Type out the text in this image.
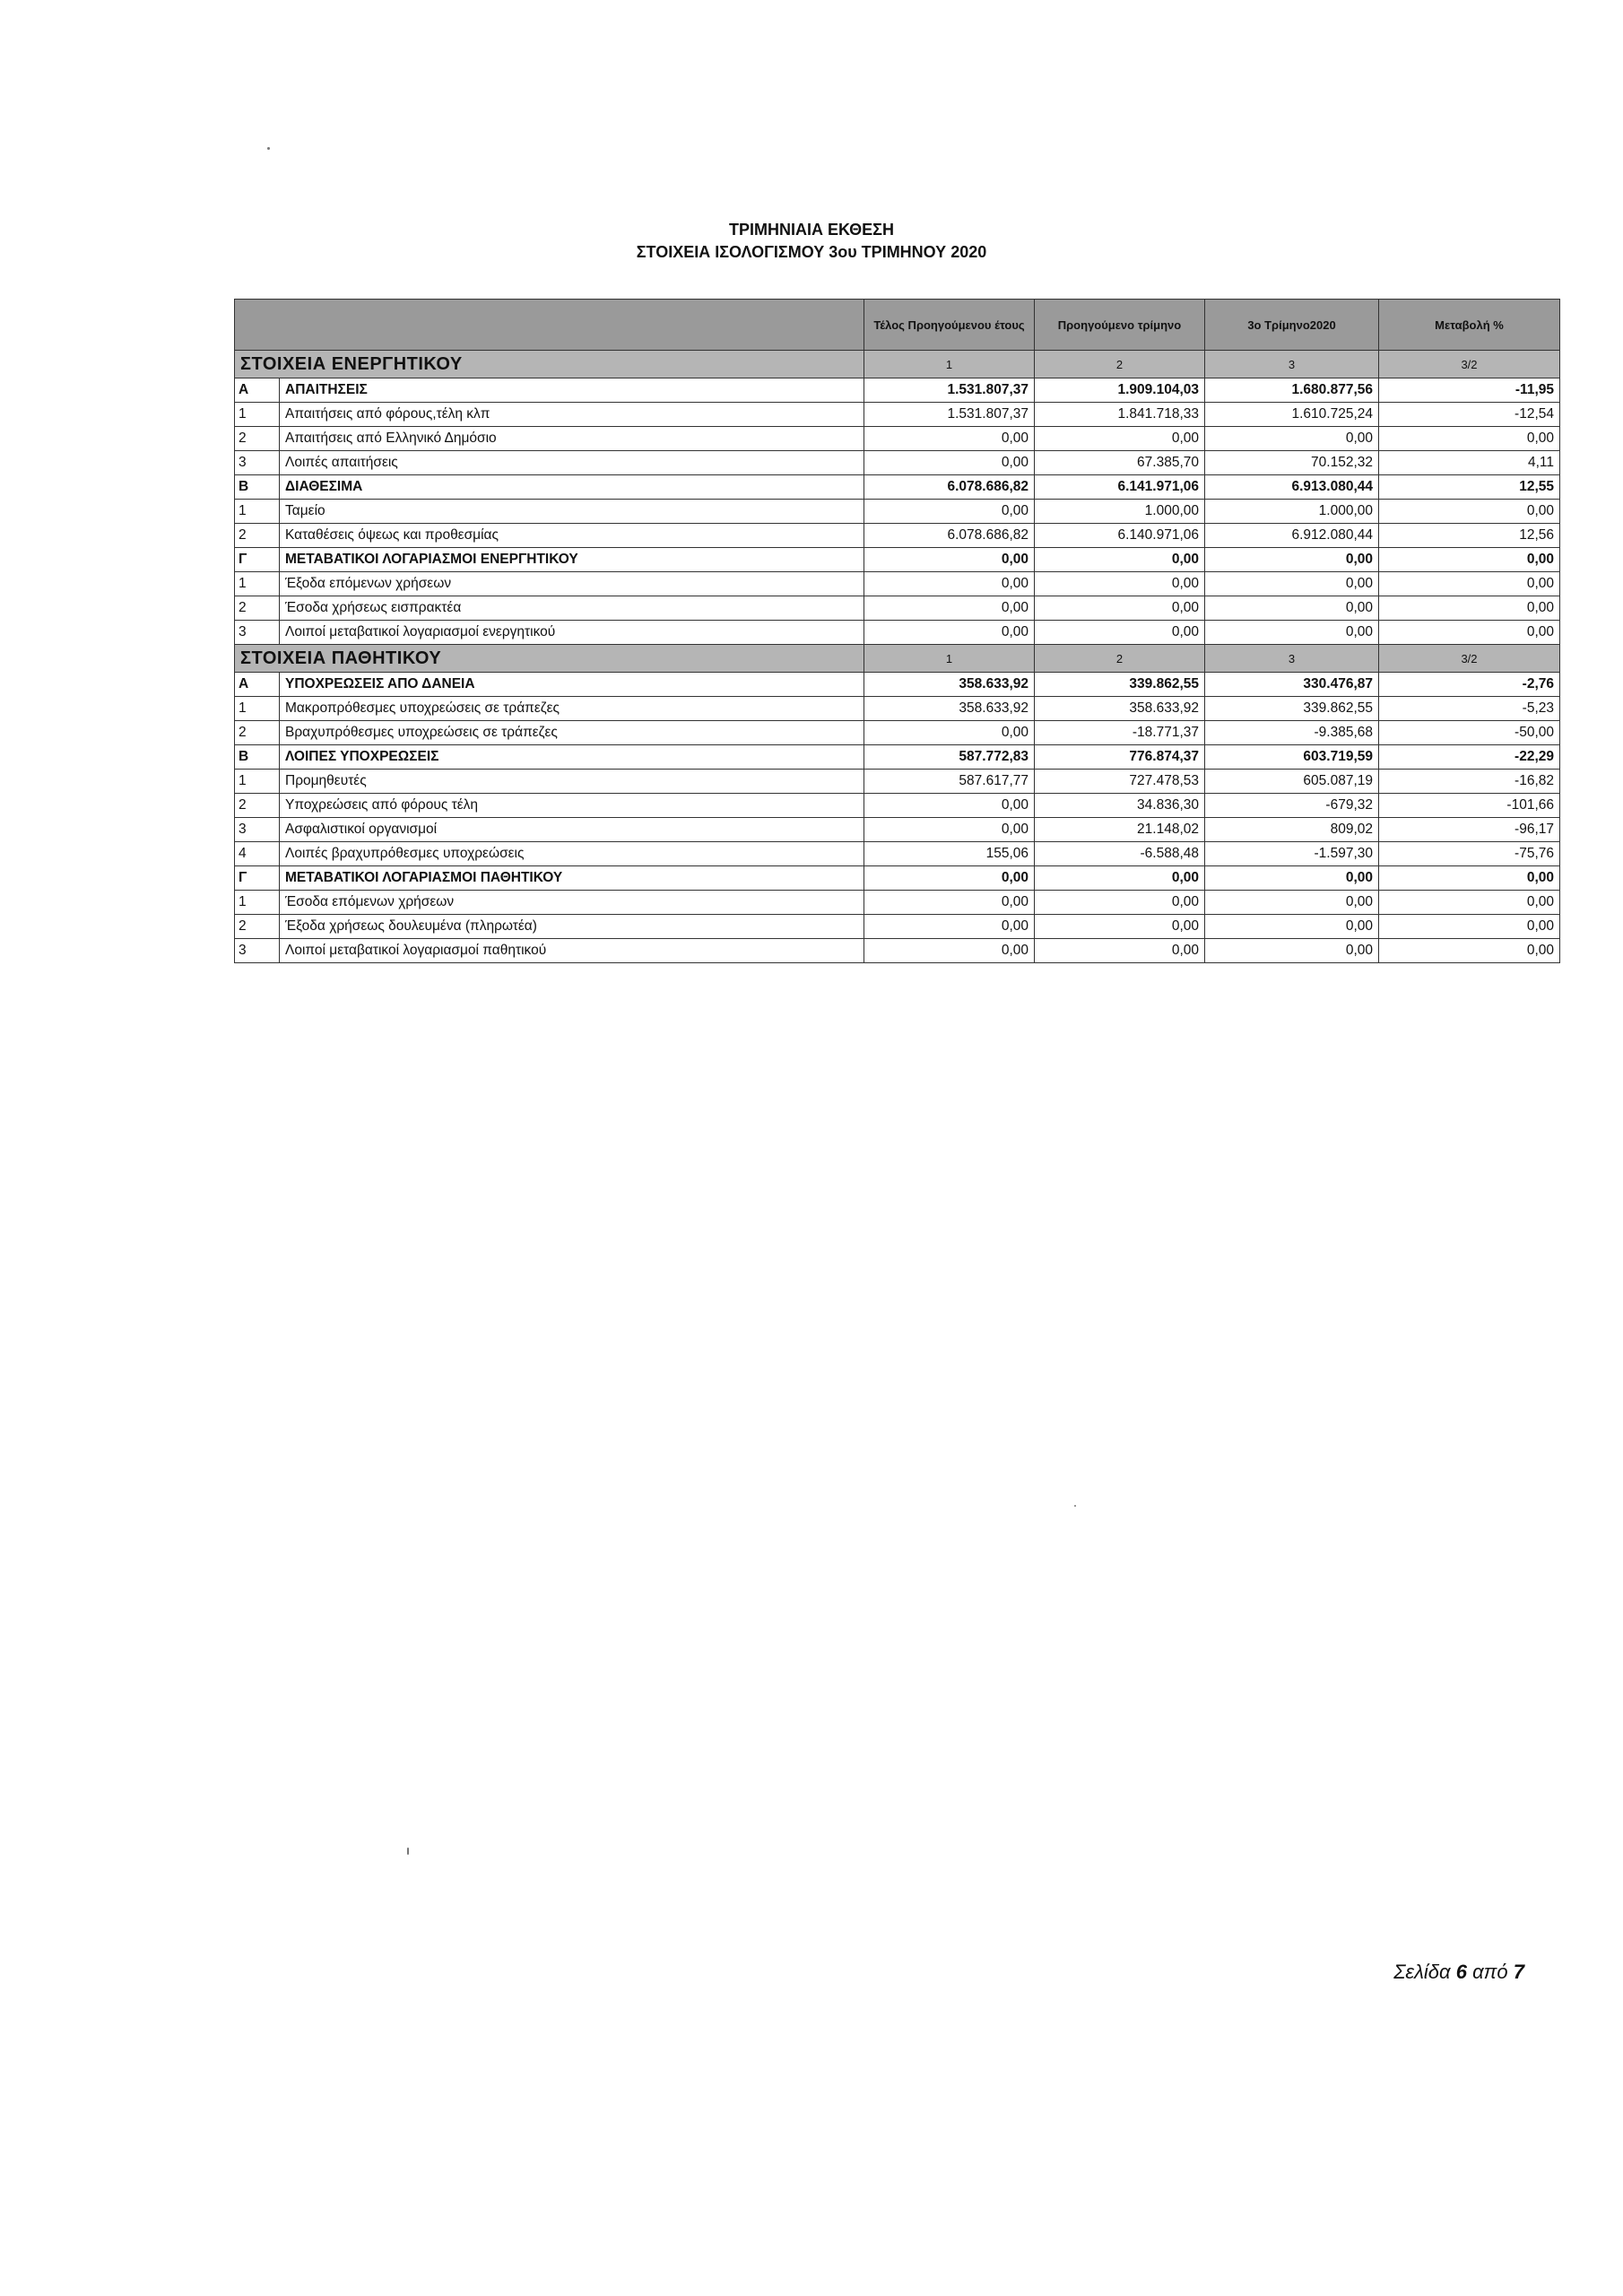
ΤΡΙΜΗΝΙΑΙΑ ΕΚΘΕΣΗ
ΣΤΟΙΧΕΙΑ ΙΣΟΛΟΓΙΣΜΟΥ 3ου ΤΡΙΜΗΝΟΥ 2020
		Τέλος Προηγούμενου έτους	Προηγούμενο τρίμηνο	3ο Τρίμηνο2020	Μεταβολή %
ΣΤΟΙΧΕΙΑ ΕΝΕΡΓΗΤΙΚΟΥ		1	2	3	3/2
Α	ΑΠΑΙΤΗΣΕΙΣ	1.531.807,37	1.909.104,03	1.680.877,56	-11,95
1	Απαιτήσεις από φόρους,τέλη κλπ	1.531.807,37	1.841.718,33	1.610.725,24	-12,54
2	Απαιτήσεις από Ελληνικό Δημόσιο	0,00	0,00	0,00	0,00
3	Λοιπές απαιτήσεις	0,00	67.385,70	70.152,32	4,11
Β	ΔΙΑΘΕΣΙΜΑ	6.078.686,82	6.141.971,06	6.913.080,44	12,55
1	Ταμείο	0,00	1.000,00	1.000,00	0,00
2	Καταθέσεις όψεως και προθεσμίας	6.078.686,82	6.140.971,06	6.912.080,44	12,56
Γ	ΜΕΤΑΒΑΤΙΚΟΙ ΛΟΓΑΡΙΑΣΜΟΙ ΕΝΕΡΓΗΤΙΚΟΥ	0,00	0,00	0,00	0,00
1	Έξοδα επόμενων χρήσεων	0,00	0,00	0,00	0,00
2	Έσοδα χρήσεως εισπρακτέα	0,00	0,00	0,00	0,00
3	Λοιποί μεταβατικοί λογαριασμοί ενεργητικού	0,00	0,00	0,00	0,00
ΣΤΟΙΧΕΙΑ ΠΑΘΗΤΙΚΟΥ		1	2	3	3/2
Α	ΥΠΟΧΡΕΩΣΕΙΣ ΑΠΟ ΔΑΝΕΙΑ	358.633,92	339.862,55	330.476,87	-2,76
1	Μακροπρόθεσμες υποχρεώσεις σε τράπεζες	358.633,92	358.633,92	339.862,55	-5,23
2	Βραχυπρόθεσμες υποχρεώσεις σε τράπεζες	0,00	-18.771,37	-9.385,68	-50,00
Β	ΛΟΙΠΕΣ ΥΠΟΧΡΕΩΣΕΙΣ	587.772,83	776.874,37	603.719,59	-22,29
1	Προμηθευτές	587.617,77	727.478,53	605.087,19	-16,82
2	Υποχρεώσεις από φόρους τέλη	0,00	34.836,30	-679,32	-101,66
3	Ασφαλιστικοί οργανισμοί	0,00	21.148,02	809,02	-96,17
4	Λοιπές βραχυπρόθεσμες υποχρεώσεις	155,06	-6.588,48	-1.597,30	-75,76
Γ	ΜΕΤΑΒΑΤΙΚΟΙ ΛΟΓΑΡΙΑΣΜΟΙ ΠΑΘΗΤΙΚΟΥ	0,00	0,00	0,00	0,00
1	Έσοδα επόμενων χρήσεων	0,00	0,00	0,00	0,00
2	Έξοδα χρήσεως δουλευμένα (πληρωτέα)	0,00	0,00	0,00	0,00
3	Λοιποί μεταβατικοί λογαριασμοί παθητικού	0,00	0,00	0,00	0,00
Σελίδα 6 από 7
